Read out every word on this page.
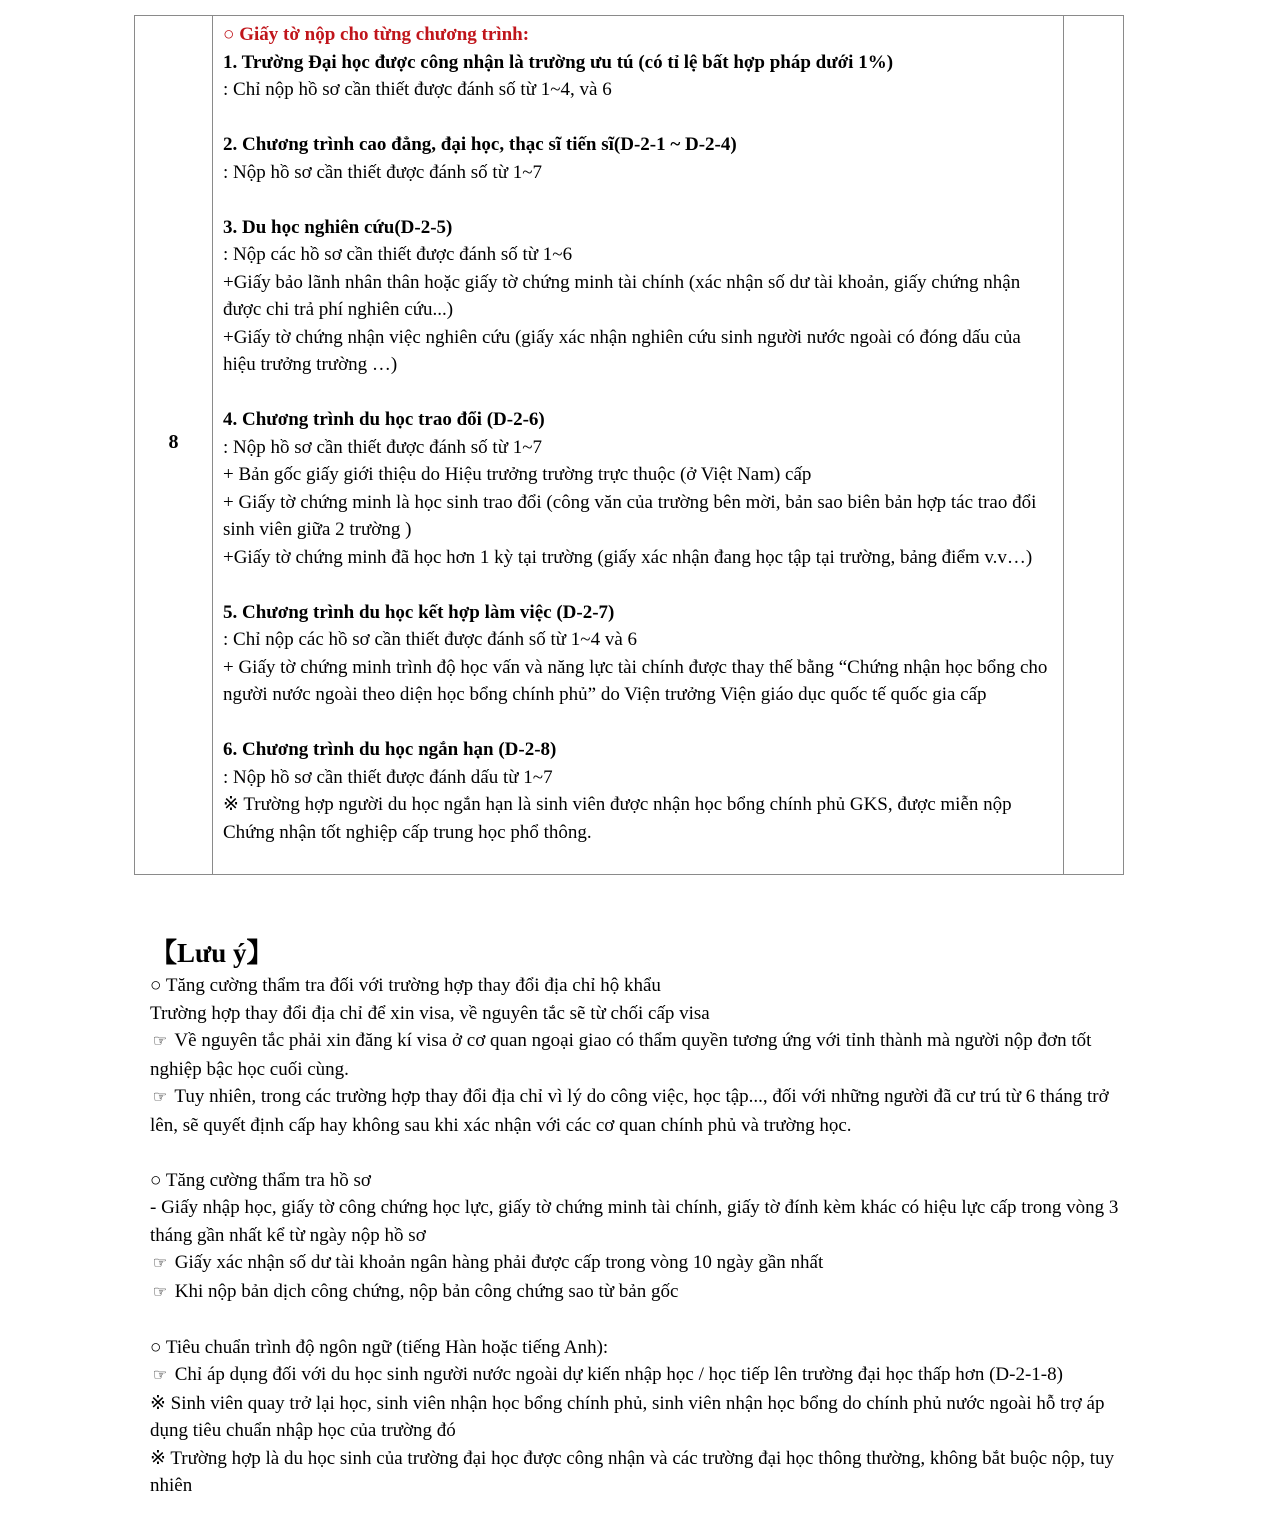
8
○ Giấy tờ nộp cho từng chương trình:
1. Trường Đại học được công nhận là trường ưu tú (có tỉ lệ bất hợp pháp dưới 1%)
: Chỉ nộp hồ sơ cần thiết được đánh số từ 1~4, và 6
2. Chương trình cao đẳng, đại học, thạc sĩ tiến sĩ(D-2-1 ~ D-2-4)
: Nộp hồ sơ cần thiết được đánh số từ 1~7
3. Du học nghiên cứu(D-2-5)
: Nộp các hồ sơ cần thiết được đánh số từ 1~6
+Giấy bảo lãnh nhân thân hoặc giấy tờ chứng minh tài chính (xác nhận số dư tài khoản, giấy chứng nhận được chi trả phí nghiên cứu...)
+Giấy tờ chứng nhận việc nghiên cứu (giấy xác nhận nghiên cứu sinh người nước ngoài có đóng dấu của hiệu trưởng trường …)
4. Chương trình du học trao đổi (D-2-6)
: Nộp hồ sơ cần thiết được đánh số từ 1~7
+ Bản gốc giấy giới thiệu do Hiệu trưởng trường trực thuộc (ở Việt Nam) cấp
+ Giấy tờ chứng minh là học sinh trao đổi (công văn của trường bên mời, bản sao biên bản hợp tác trao đổi sinh viên giữa 2 trường )
+Giấy tờ chứng minh đã học hơn 1 kỳ tại trường (giấy xác nhận đang học tập tại trường, bảng điểm v.v…)
5. Chương trình du học kết hợp làm việc (D-2-7)
: Chỉ nộp các hồ sơ cần thiết được đánh số từ 1~4 và 6
+ Giấy tờ chứng minh trình độ học vấn và năng lực tài chính được thay thế bằng “Chứng nhận học bổng cho người nước ngoài theo diện học bổng chính phủ” do Viện trưởng Viện giáo dục quốc tế quốc gia cấp
6. Chương trình du học ngắn hạn (D-2-8)
: Nộp hồ sơ cần thiết được đánh dấu từ 1~7
※ Trường hợp người du học ngắn hạn là sinh viên được nhận học bổng chính phủ GKS, được miễn nộp Chứng nhận tốt nghiệp cấp trung học phổ thông.
【Lưu ý】
○ Tăng cường thẩm tra đối với trường hợp thay đổi địa chỉ hộ khẩu
Trường hợp thay đổi địa chỉ để xin visa, về nguyên tắc sẽ từ chối cấp visa
☞ Về nguyên tắc phải xin đăng kí visa ở cơ quan ngoại giao có thẩm quyền tương ứng với tỉnh thành mà người nộp đơn tốt nghiệp bậc học cuối cùng.
☞ Tuy nhiên, trong các trường hợp thay đổi địa chỉ vì lý do công việc, học tập..., đối với những người đã cư trú từ 6 tháng trở lên, sẽ quyết định cấp hay không sau khi xác nhận với các cơ quan chính phủ và trường học.
○ Tăng cường thẩm tra hồ sơ
- Giấy nhập học, giấy tờ công chứng học lực, giấy tờ chứng minh tài chính, giấy tờ đính kèm khác có hiệu lực cấp trong vòng 3 tháng gần nhất kể từ ngày nộp hồ sơ
☞ Giấy xác nhận số dư tài khoản ngân hàng phải được cấp trong vòng 10 ngày gần nhất
☞ Khi nộp bản dịch công chứng, nộp bản công chứng sao từ bản gốc
○ Tiêu chuẩn trình độ ngôn ngữ (tiếng Hàn hoặc tiếng Anh):
☞ Chỉ áp dụng đối với du học sinh người nước ngoài dự kiến nhập học / học tiếp lên trường đại học thấp hơn (D-2-1-8)
※ Sinh viên quay trở lại học, sinh viên nhận học bổng chính phủ, sinh viên nhận học bổng do chính phủ nước ngoài hỗ trợ áp dụng tiêu chuẩn nhập học của trường đó
※ Trường hợp là du học sinh của trường đại học được công nhận và các trường đại học thông thường, không bắt buộc nộp, tuy nhiên
